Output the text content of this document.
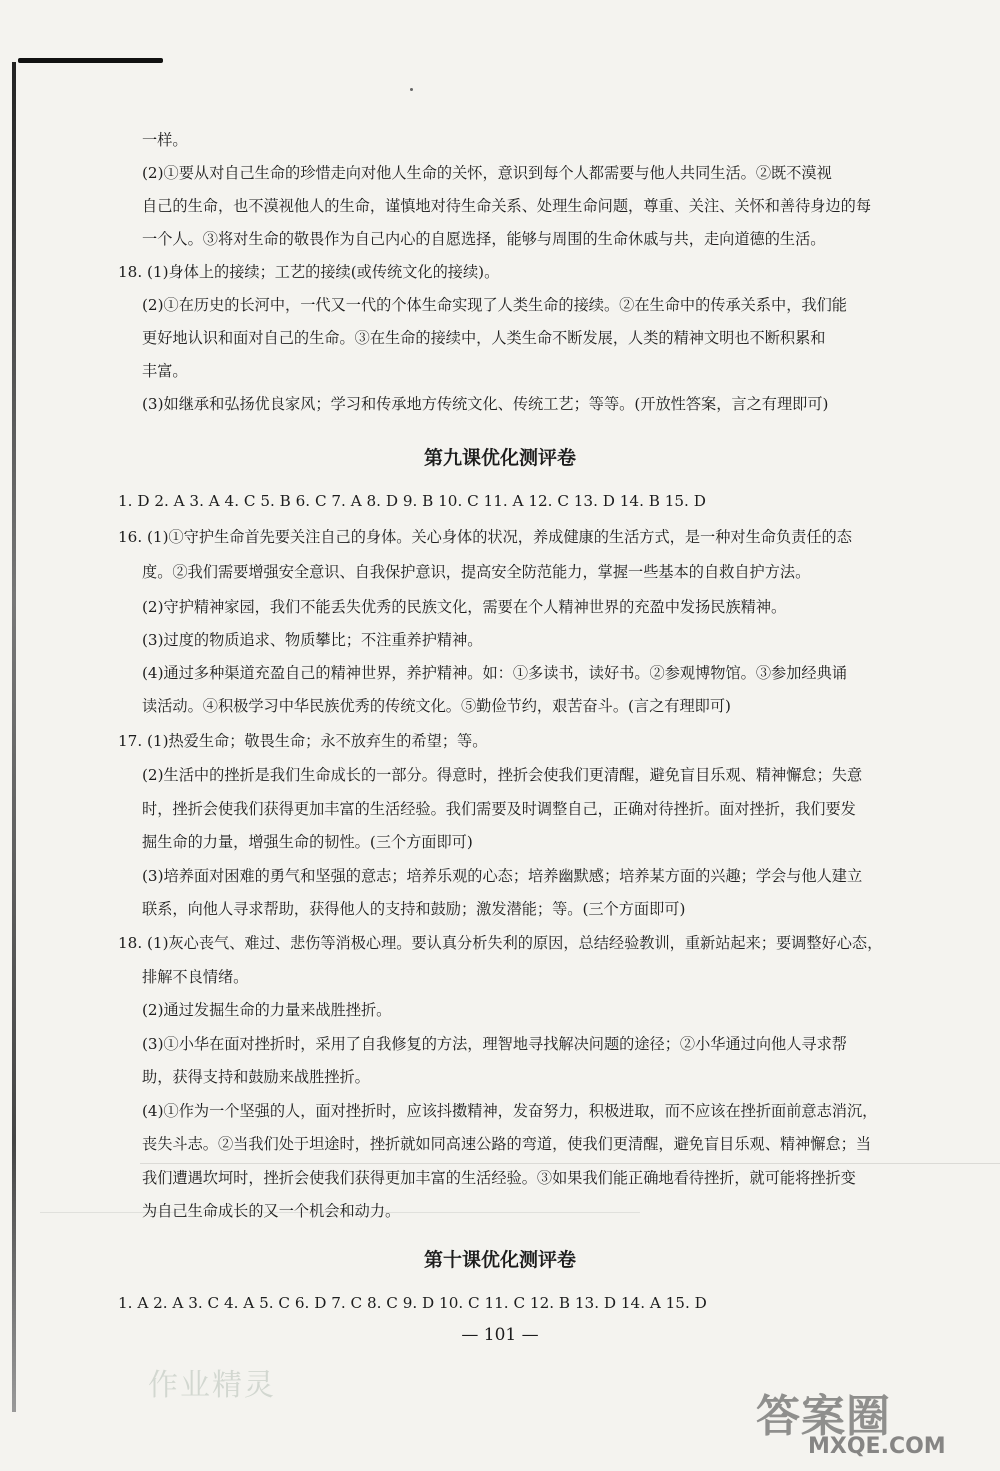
一样。
(2)①要从对自己生命的珍惜走向对他人生命的关怀，意识到每个人都需要与他人共同生活。②既不漠视
自己的生命，也不漠视他人的生命，谨慎地对待生命关系、处理生命问题，尊重、关注、关怀和善待身边的每
一个人。③将对生命的敬畏作为自己内心的自愿选择，能够与周围的生命休戚与共，走向道德的生活。
18. (1)身体上的接续；工艺的接续(或传统文化的接续)。
(2)①在历史的长河中，一代又一代的个体生命实现了人类生命的接续。②在生命中的传承关系中，我们能
更好地认识和面对自己的生命。③在生命的接续中，人类生命不断发展，人类的精神文明也不断积累和
丰富。
(3)如继承和弘扬优良家风；学习和传承地方传统文化、传统工艺；等等。(开放性答案，言之有理即可)
第九课优化测评卷
1. D 2. A 3. A 4. C 5. B 6. C 7. A 8. D 9. B 10. C 11. A 12. C 13. D 14. B 15. D
16. (1)①守护生命首先要关注自己的身体。关心身体的状况，养成健康的生活方式，是一种对生命负责任的态
度。②我们需要增强安全意识、自我保护意识，提高安全防范能力，掌握一些基本的自救自护方法。
(2)守护精神家园，我们不能丢失优秀的民族文化，需要在个人精神世界的充盈中发扬民族精神。
(3)过度的物质追求、物质攀比；不注重养护精神。
(4)通过多种渠道充盈自己的精神世界，养护精神。如：①多读书，读好书。②参观博物馆。③参加经典诵
读活动。④积极学习中华民族优秀的传统文化。⑤勤俭节约，艰苦奋斗。(言之有理即可)
17. (1)热爱生命；敬畏生命；永不放弃生的希望；等。
(2)生活中的挫折是我们生命成长的一部分。得意时，挫折会使我们更清醒，避免盲目乐观、精神懈怠；失意
时，挫折会使我们获得更加丰富的生活经验。我们需要及时调整自己，正确对待挫折。面对挫折，我们要发
掘生命的力量，增强生命的韧性。(三个方面即可)
(3)培养面对困难的勇气和坚强的意志；培养乐观的心态；培养幽默感；培养某方面的兴趣；学会与他人建立
联系，向他人寻求帮助，获得他人的支持和鼓励；激发潜能；等。(三个方面即可)
18. (1)灰心丧气、难过、悲伤等消极心理。要认真分析失利的原因，总结经验教训，重新站起来；要调整好心态，
排解不良情绪。
(2)通过发掘生命的力量来战胜挫折。
(3)①小华在面对挫折时，采用了自我修复的方法，理智地寻找解决问题的途径；②小华通过向他人寻求帮
助，获得支持和鼓励来战胜挫折。
(4)①作为一个坚强的人，面对挫折时，应该抖擞精神，发奋努力，积极进取，而不应该在挫折面前意志消沉，
丧失斗志。②当我们处于坦途时，挫折就如同高速公路的弯道，使我们更清醒，避免盲目乐观、精神懈怠；当
我们遭遇坎坷时，挫折会使我们获得更加丰富的生活经验。③如果我们能正确地看待挫折，就可能将挫折变
为自己生命成长的又一个机会和动力。
第十课优化测评卷
1. A 2. A 3. C 4. A 5. C 6. D 7. C 8. C 9. D 10. C 11. C 12. B 13. D 14. A 15. D
— 101 —
作业精灵
答案圈
MXQE.COM
